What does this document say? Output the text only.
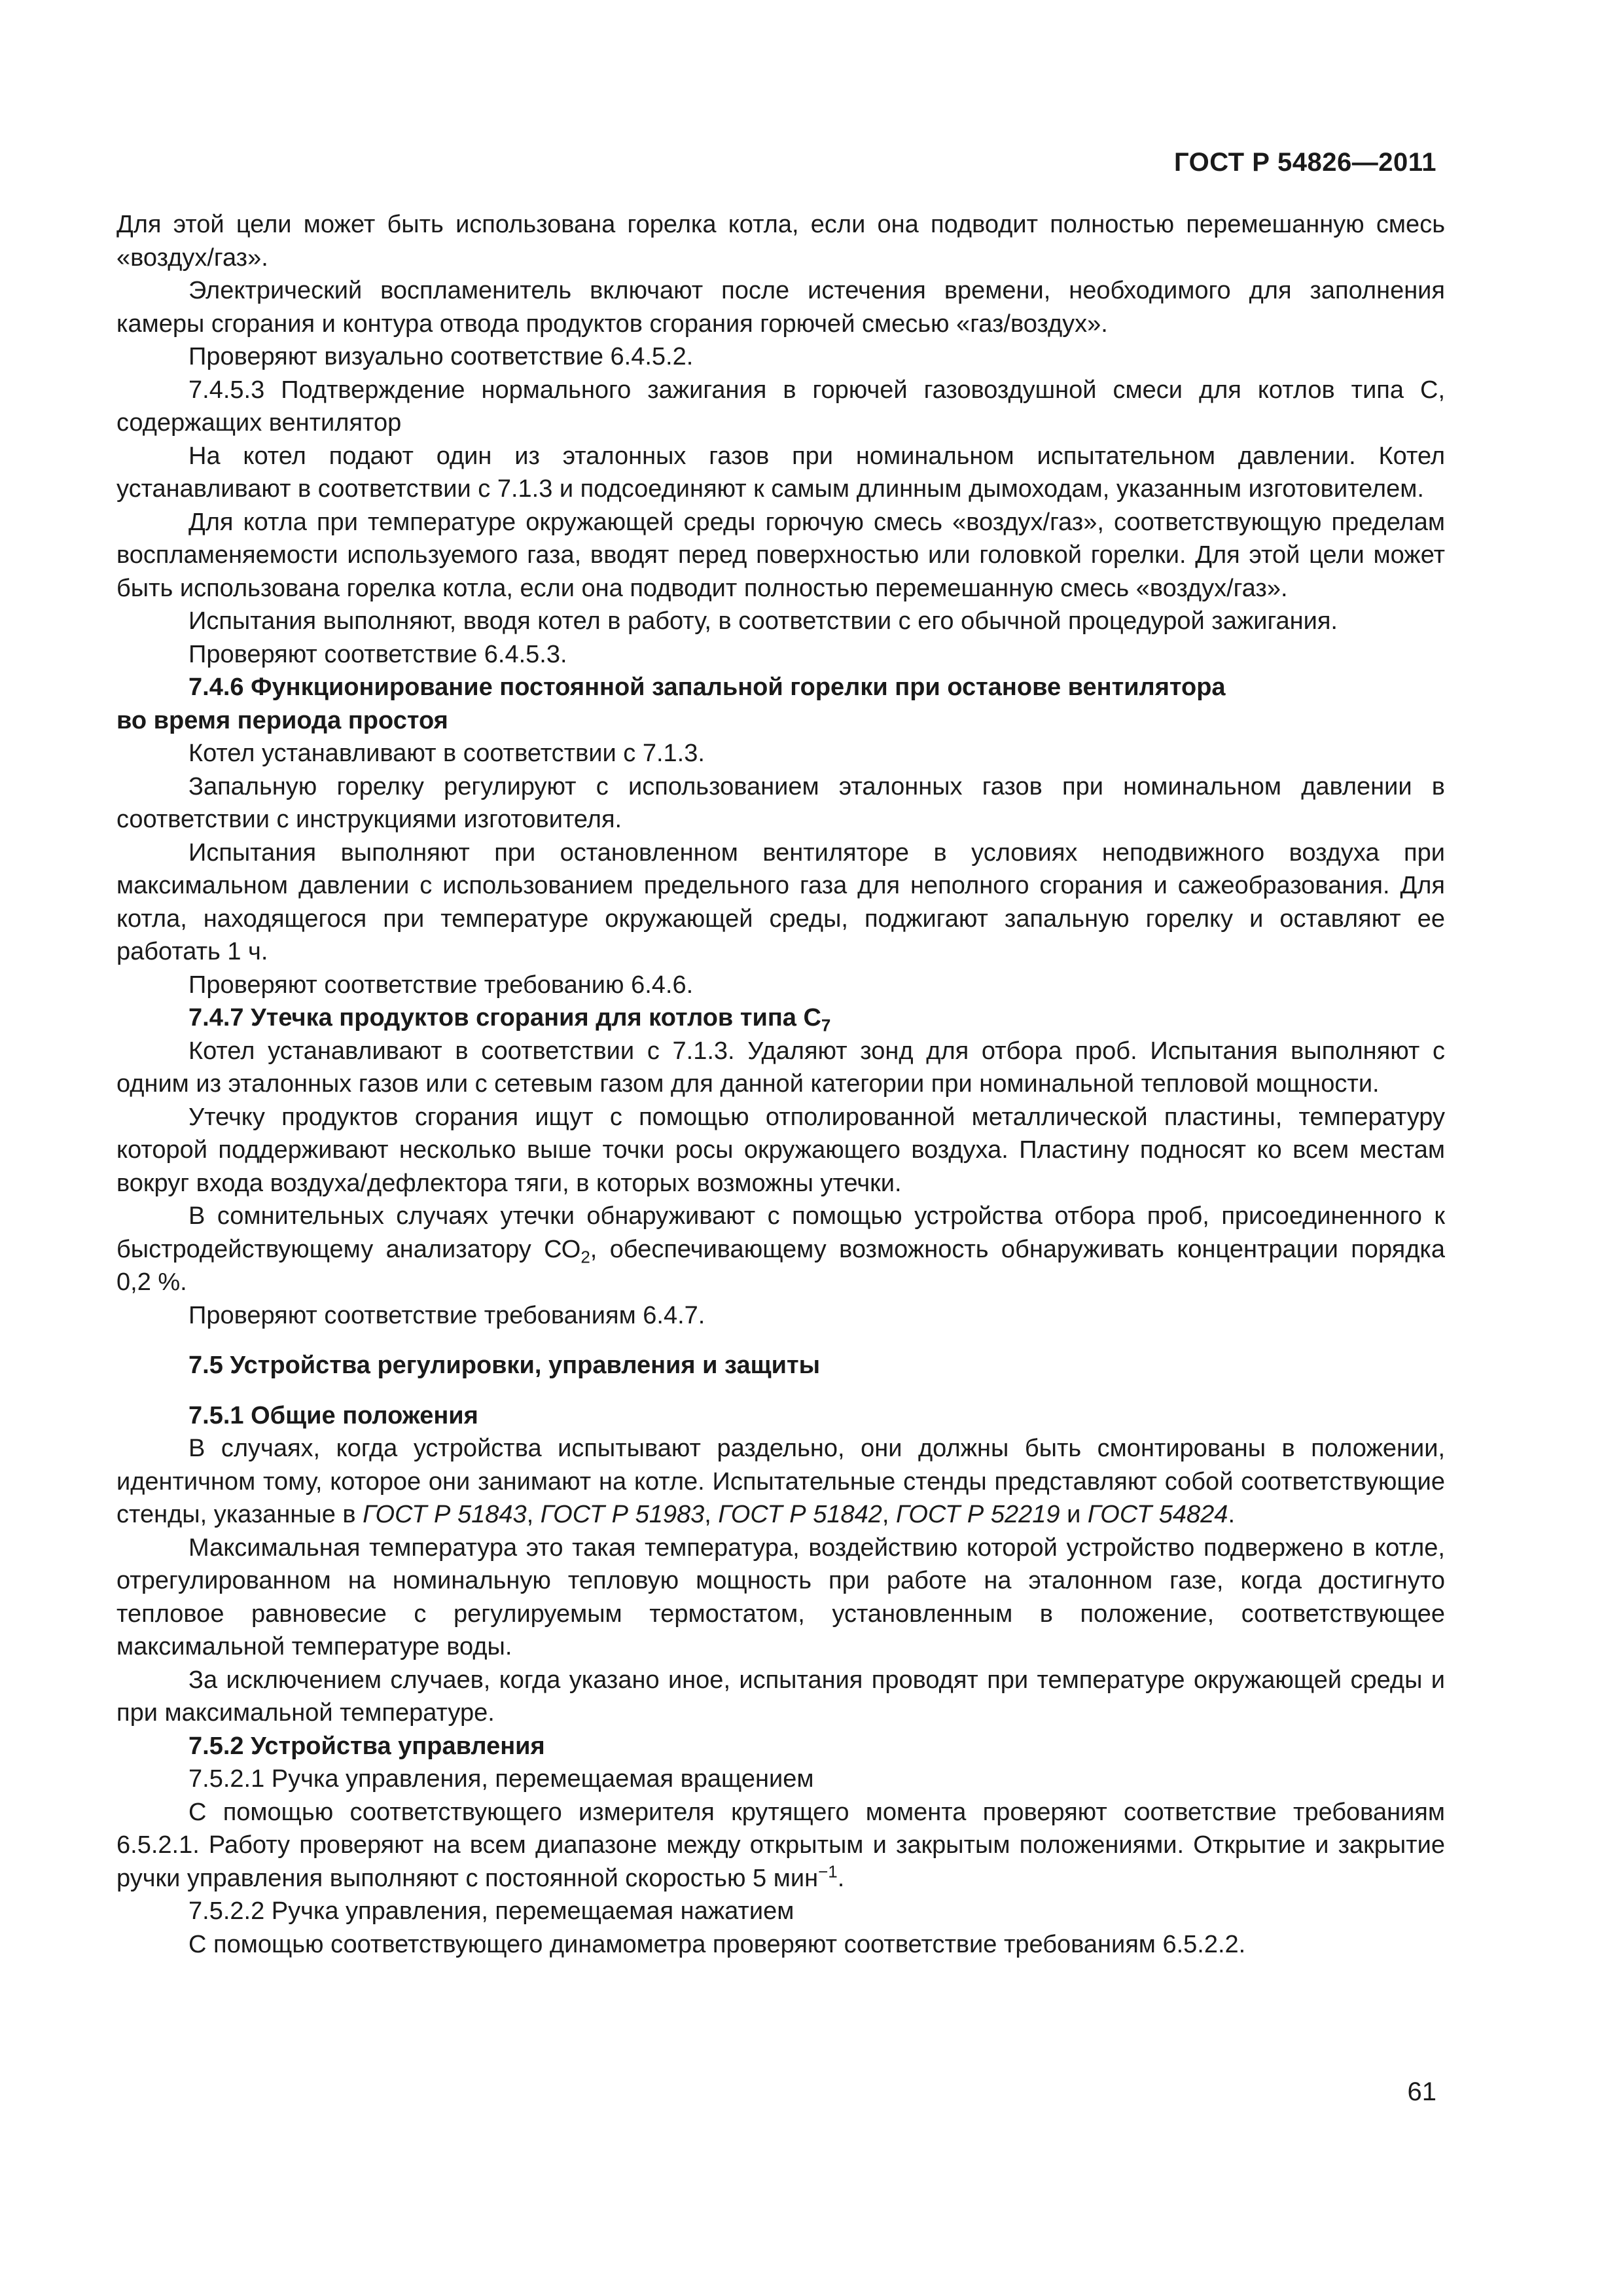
ГОСТ Р 54826—2011

Для этой цели может быть использована горелка котла, если она подводит полностью перемешанную смесь «воздух/газ».

Электрический воспламенитель включают после истечения времени, необходимого для заполнения камеры сгорания и контура отвода продуктов сгорания горючей смесью «газ/воздух».

Проверяют визуально соответствие 6.4.5.2.

7.4.5.3 Подтверждение нормального зажигания в горючей газовоздушной смеси для котлов типа С, содержащих вентилятор

На котел подают один из эталонных газов при номинальном испытательном давлении. Котел устанавливают в соответствии с 7.1.3 и подсоединяют к самым длинным дымоходам, указанным изготовителем.

Для котла при температуре окружающей среды горючую смесь «воздух/газ», соответствующую пределам воспламеняемости используемого газа, вводят перед поверхностью или головкой горелки. Для этой цели может быть использована горелка котла, если она подводит полностью перемешанную смесь «воздух/газ».

Испытания выполняют, вводя котел в работу, в соответствии с его обычной процедурой зажигания.

Проверяют соответствие 6.4.5.3.

7.4.6 Функционирование постоянной запальной горелки при останове вентилятора
во время периода простоя

Котел устанавливают в соответствии с 7.1.3.

Запальную горелку регулируют с использованием эталонных газов при номинальном давлении в соответствии с инструкциями изготовителя.

Испытания выполняют при остановленном вентиляторе в условиях неподвижного воздуха при максимальном давлении с использованием предельного газа для неполного сгорания и сажеобразования. Для котла, находящегося при температуре окружающей среды, поджигают запальную горелку и оставляют ее работать 1 ч.

Проверяют соответствие требованию 6.4.6.

7.4.7 Утечка продуктов сгорания для котлов типа $С_7$

Котел устанавливают в соответствии с 7.1.3. Удаляют зонд для отбора проб. Испытания выполняют с одним из эталонных газов или с сетевым газом для данной категории при номинальной тепловой мощности.

Утечку продуктов сгорания ищут с помощью отполированной металлической пластины, температуру которой поддерживают несколько выше точки росы окружающего воздуха. Пластину подносят ко всем местам вокруг входа воздуха/дефлектора тяги, в которых возможны утечки.

В сомнительных случаях утечки обнаруживают с помощью устройства отбора проб, присоединенного к быстродействующему анализатору $СО_2$, обеспечивающему возможность обнаруживать концентрации порядка 0,2 %.

Проверяют соответствие требованиям 6.4.7.

7.5 Устройства регулировки, управления и защиты

7.5.1 Общие положения

В случаях, когда устройства испытывают раздельно, они должны быть смонтированы в положении, идентичном тому, которое они занимают на котле. Испытательные стенды представляют собой соответствующие стенды, указанные в ГОСТ Р 51843, ГОСТ Р 51983, ГОСТ Р 51842, ГОСТ Р 52219 и ГОСТ 54824.

Максимальная температура это такая температура, воздействию которой устройство подвержено в котле, отрегулированном на номинальную тепловую мощность при работе на эталонном газе, когда достигнуто тепловое равновесие с регулируемым термостатом, установленным в положение, соответствующее максимальной температуре воды.

За исключением случаев, когда указано иное, испытания проводят при температуре окружающей среды и при максимальной температуре.

7.5.2 Устройства управления

7.5.2.1 Ручка управления, перемещаемая вращением

С помощью соответствующего измерителя крутящего момента проверяют соответствие требованиям 6.5.2.1. Работу проверяют на всем диапазоне между открытым и закрытым положениями. Открытие и закрытие ручки управления выполняют с постоянной скоростью 5 мин$^{-1}$.

7.5.2.2 Ручка управления, перемещаемая нажатием

С помощью соответствующего динамометра проверяют соответствие требованиям 6.5.2.2.

61
